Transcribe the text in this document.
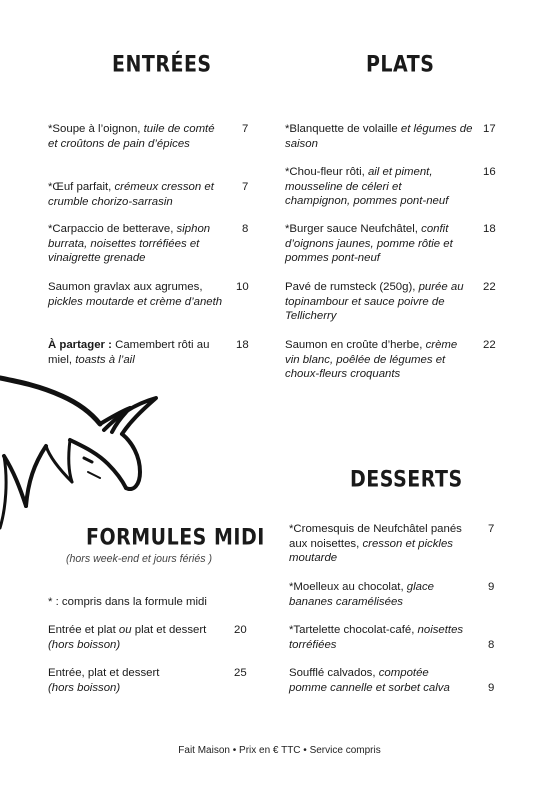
ENTRÉES
*Soupe à l’oignon, tuile de comté et croûtons de pain d’épices
7
*Œuf parfait, crémeux cresson et crumble chorizo-sarrasin
7
*Carpaccio de betterave, siphon burrata, noisettes torréfiées et vinaigrette grenade
8
Saumon gravlax aux agrumes, pickles moutarde et crème d’aneth
10
À partager : Camembert rôti au miel, toasts à l’ail
18
PLATS
*Blanquette de volaille et légumes de saison
17
*Chou-fleur rôti, ail et piment, mousseline de céleri et champignon, pommes pont-neuf
16
*Burger sauce Neufchâtel, confit d’oignons jaunes, pomme rôtie et pommes pont-neuf
18
Pavé de rumsteck (250g), purée au topinambour et sauce poivre de Tellicherry
22
Saumon en croûte d’herbe, crème vin blanc, poêlée de légumes et choux-fleurs croquants
22
DESSERTS
*Cromesquis de Neufchâtel panés aux noisettes, cresson et pickles moutarde
7
*Moelleux au chocolat, glace bananes caramélisées
9
*Tartelette chocolat-café, noisettes torréfiées	8
Soufflé calvados, compotée pomme cannelle et sorbet calva	9
FORMULES MIDI
(hors week-end et jours fériés )
* : compris dans la formule midi
Entrée et plat ou plat et dessert
(hors boisson)
20
Entrée, plat et dessert
(hors boisson)
25
Fait Maison • Prix en € TTC • Service compris
